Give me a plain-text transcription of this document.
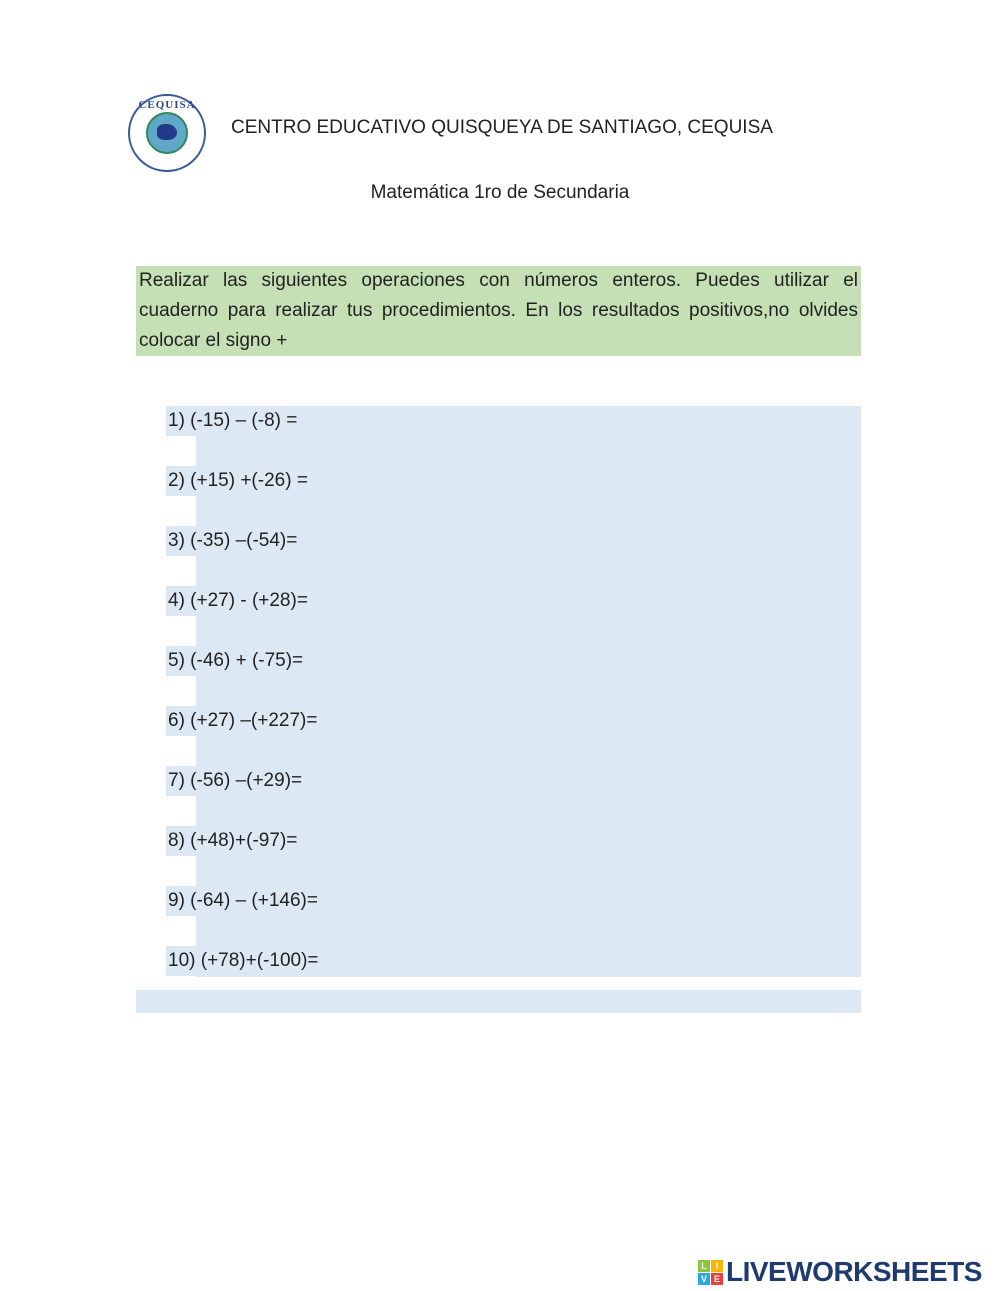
CEQUISA
CENTRO EDUCATIVO QUISQUEYA DE SANTIAGO, CEQUISA
Matemática 1ro de Secundaria
Realizar las siguientes operaciones con números enteros. Puedes utilizar el cuaderno para realizar tus procedimientos. En los resultados positivos,no olvides colocar el signo +
1) (-15) – (-8) =
2) (+15) +(-26) =
3) (-35) –(-54)=
4) (+27) - (+28)=
5) (-46) + (-75)=
6) (+27) –(+227)=
7) (-56) –(+29)=
8) (+48)+(-97)=
9) (-64) – (+146)=
10) (+78)+(-100)=
L I
V E LIVEWORKSHEETS
